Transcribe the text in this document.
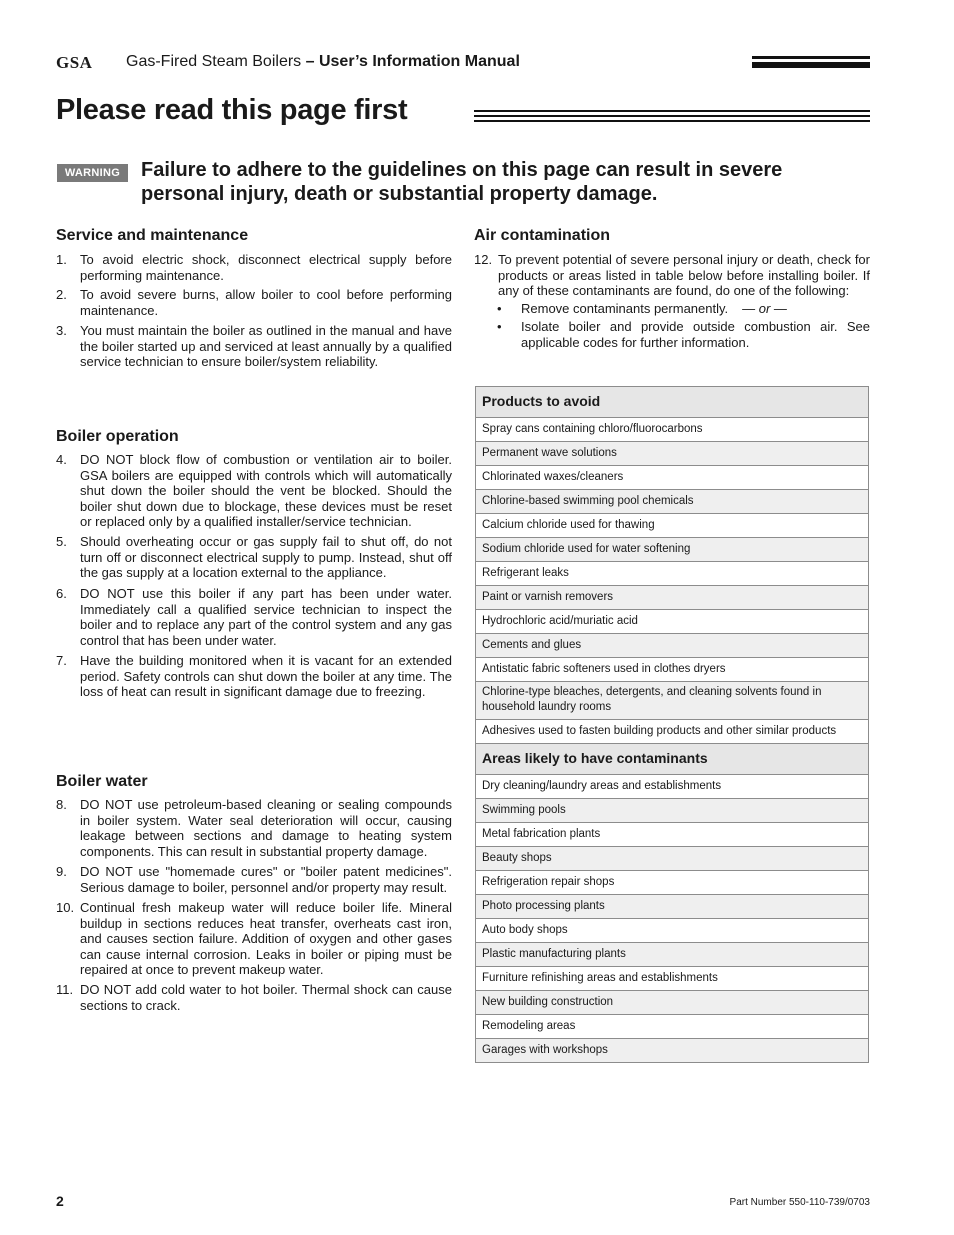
GSA Gas-Fired Steam Boilers – User’s Information Manual
Please read this page first
WARNING	Failure to adhere to the guidelines on this page can result in severe personal injury, death or substantial property damage.

Service and maintenance
1. To avoid electric shock, disconnect electrical supply before performing maintenance.
2. To avoid severe burns, allow boiler to cool before performing maintenance.
3. You must maintain the boiler as outlined in the manual and have the boiler started up and serviced at least annually by a qualified service technician to ensure boiler/system reliability.
Boiler operation
4. DO NOT block flow of combustion or ventilation air to boiler. GSA boilers are equipped with controls which will automatically shut down the boiler should the vent be blocked. Should the boiler shut down due to blockage, these devices must be reset or replaced only by a qualified installer/service technician.
5. Should overheating occur or gas supply fail to shut off, do not turn off or disconnect electrical supply to pump. Instead, shut off the gas supply at a location external to the appliance.
6. DO NOT use this boiler if any part has been under water. Immediately call a qualified service technician to inspect the boiler and to replace any part of the control system and any gas control that has been under water.
7. Have the building monitored when it is vacant for an extended period. Safety controls can shut down the boiler at any time. The loss of heat can result in significant damage due to freezing.
Boiler water
8. DO NOT use petroleum-based cleaning or sealing compounds in boiler system. Water seal deterioration will occur, causing leakage between sections and damage to heating system components. This can result in substantial property damage.
9. DO NOT use "homemade cures" or "boiler patent medicines". Serious damage to boiler, personnel and/or property may result.
10. Continual fresh makeup water will reduce boiler life. Mineral buildup in sections reduces heat transfer, overheats cast iron, and causes section failure. Addition of oxygen and other gases can cause internal corrosion. Leaks in boiler or piping must be repaired at once to prevent makeup water.
11. DO NOT add cold water to hot boiler. Thermal shock can cause sections to crack.
Air contamination
12. To prevent potential of severe personal injury or death, check for products or areas listed in table below before installing boiler. If any of these contaminants are found, do one of the following:
• Remove contaminants permanently. — or —
• Isolate boiler and provide outside combustion air. See applicable codes for further information.
Products to avoid
Spray cans containing chloro/fluorocarbons
Permanent wave solutions
Chlorinated waxes/cleaners
Chlorine-based swimming pool chemicals
Calcium chloride used for thawing
Sodium chloride used for water softening
Refrigerant leaks
Paint or varnish removers
Hydrochloric acid/muriatic acid
Cements and glues
Antistatic fabric softeners used in clothes dryers
Chlorine-type bleaches, detergents, and cleaning solvents found in household laundry rooms
Adhesives used to fasten building products and other similar products
Areas likely to have contaminants
Dry cleaning/laundry areas and establishments
Swimming pools
Metal fabrication plants
Beauty shops
Refrigeration repair shops
Photo processing plants
Auto body shops
Plastic manufacturing plants
Furniture refinishing areas and establishments
New building construction
Remodeling areas
Garages with workshops
2	Part Number 550-110-739/0703
